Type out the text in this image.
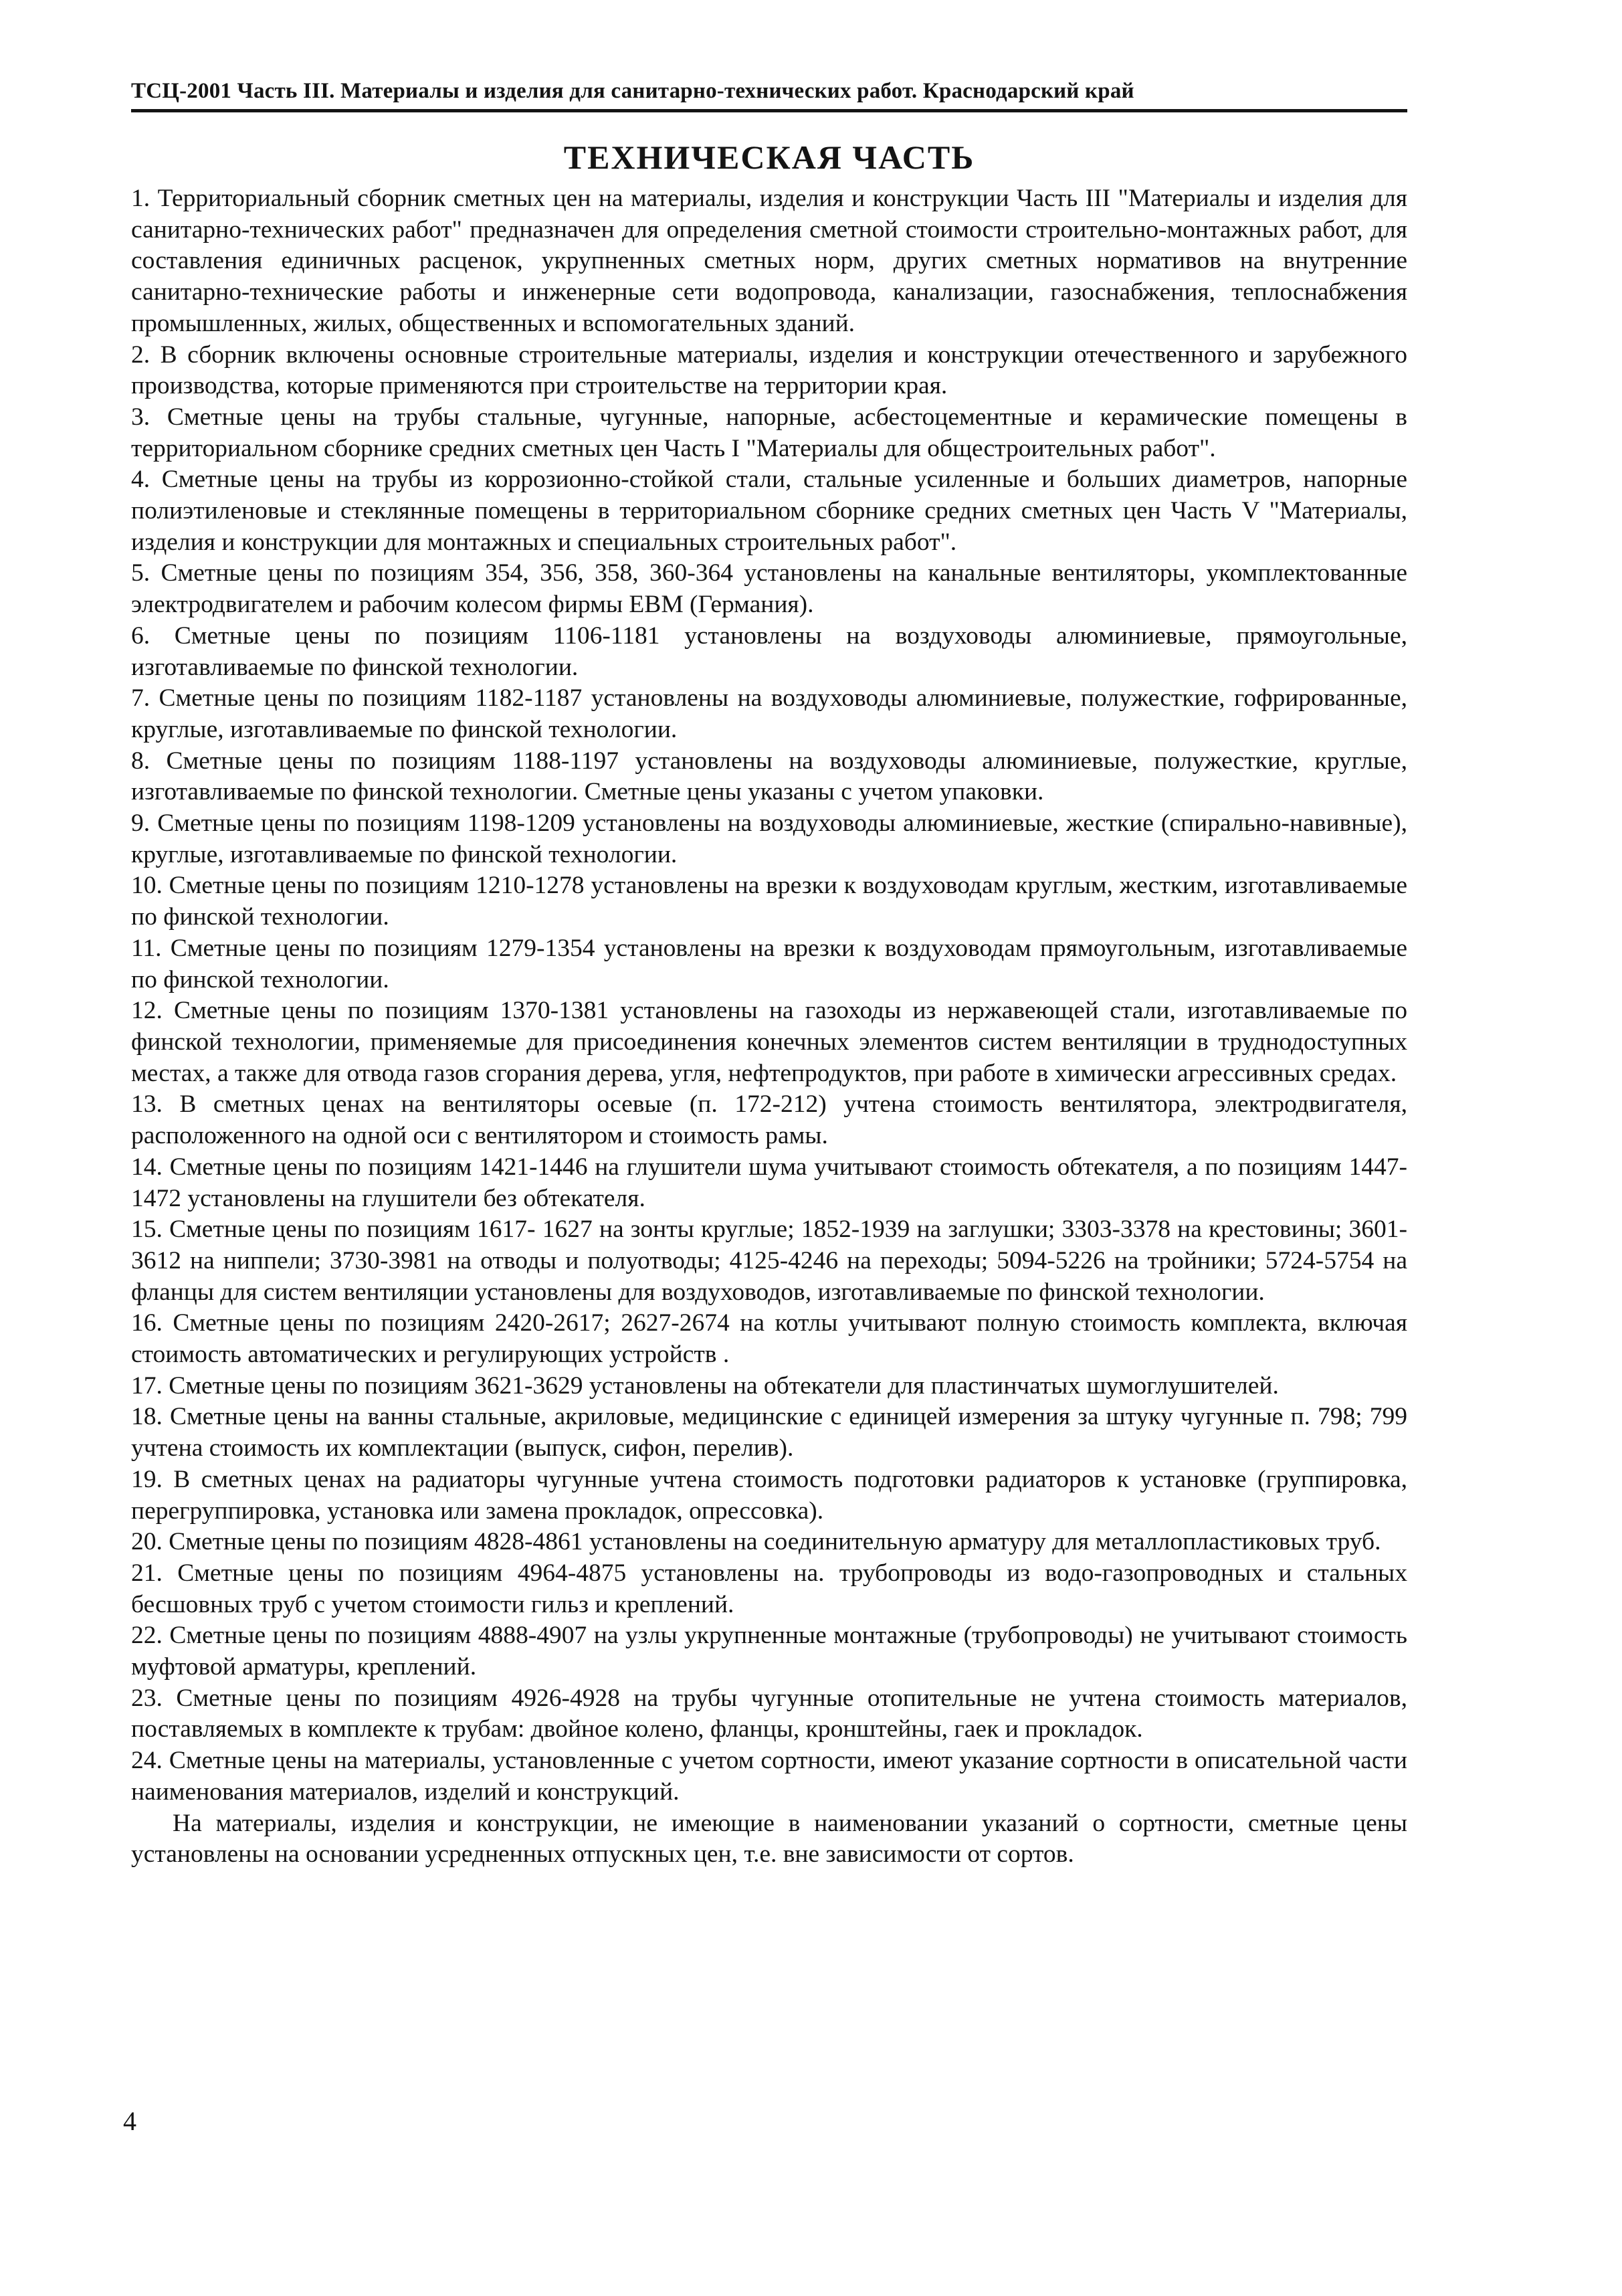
ТСЦ-2001 Часть III. Материалы и изделия для санитарно-технических работ. Краснодарский край
ТЕХНИЧЕСКАЯ ЧАСТЬ

1. Территориальный сборник сметных цен на материалы, изделия и конструкции Часть III "Материалы и изделия для санитарно-технических работ" предназначен для определения сметной стоимости строительно-монтажных работ, для составления единичных расценок, укрупненных сметных норм, других сметных нормативов на внутренние санитарно-технические работы и инженерные сети водопровода, канализации, газоснабжения, теплоснабжения промышленных, жилых, общественных и вспомогательных зданий.

2. В сборник включены основные строительные материалы, изделия и конструкции отечественного и зарубежного производства, которые применяются при строительстве на территории края.

3. Сметные цены на трубы стальные, чугунные, напорные, асбестоцементные и керамические помещены в территориальном сборнике средних сметных цен Часть I "Материалы для общестроительных работ".

4. Сметные цены на трубы из коррозионно-стойкой стали, стальные усиленные и больших диаметров, напорные полиэтиленовые и стеклянные помещены в территориальном сборнике средних сметных цен Часть V "Материалы, изделия и конструкции для монтажных и специальных строительных работ".

5. Сметные цены по позициям 354, 356, 358, 360-364 установлены на канальные вентиляторы, укомплектованные электродвигателем и рабочим колесом фирмы ЕВМ (Германия).

6. Сметные цены по позициям 1106-1181 установлены на воздуховоды алюминиевые, прямоугольные, изготавливаемые по финской технологии.

7. Сметные цены по позициям 1182-1187 установлены на воздуховоды алюминиевые, полужесткие, гофрированные, круглые, изготавливаемые по финской технологии.

8. Сметные цены по позициям 1188-1197 установлены на воздуховоды алюминиевые, полужесткие, круглые, изготавливаемые по финской технологии. Сметные цены указаны с учетом упаковки.

9. Сметные цены по позициям 1198-1209 установлены на воздуховоды алюминиевые, жесткие (спирально-навивные), круглые, изготавливаемые по финской технологии.

10. Сметные цены по позициям 1210-1278 установлены на врезки к воздуховодам круглым, жестким, изготавливаемые по финской технологии.

11. Сметные цены по позициям 1279-1354 установлены на врезки к воздуховодам прямоугольным, изготавливаемые по финской технологии.

12. Сметные цены по позициям 1370-1381 установлены на газоходы из нержавеющей стали, изготавливаемые по финской технологии, применяемые для присоединения конечных элементов систем вентиляции в труднодоступных местах, а также для отвода газов сгорания дерева, угля, нефтепродуктов, при работе в химически агрессивных средах.

13. В сметных ценах на вентиляторы осевые (п. 172-212) учтена стоимость вентилятора, электродвигателя, расположенного на одной оси с вентилятором и стоимость рамы.

14. Сметные цены по позициям 1421-1446 на глушители шума учитывают стоимость обтекателя, а по позициям 1447-1472 установлены на глушители без обтекателя.

15. Сметные цены по позициям 1617- 1627 на зонты круглые; 1852-1939 на заглушки; 3303-3378 на крестовины; 3601-3612 на ниппели; 3730-3981 на отводы и полуотводы; 4125-4246 на переходы; 5094-5226 на тройники; 5724-5754 на фланцы для систем вентиляции установлены для воздуховодов, изготавливаемые по финской технологии.

16. Сметные цены по позициям 2420-2617; 2627-2674 на котлы учитывают полную стоимость комплекта, включая стоимость автоматических и регулирующих устройств .

17. Сметные цены по позициям 3621-3629 установлены на обтекатели для пластинчатых шумоглушителей.

18. Сметные цены на ванны стальные, акриловые, медицинские с единицей измерения за штуку чугунные п. 798; 799 учтена стоимость их комплектации (выпуск, сифон, перелив).

19. В сметных ценах на радиаторы чугунные учтена стоимость подготовки радиаторов к установке (группировка, перегруппировка, установка или замена прокладок, опрессовка).

20. Сметные цены по позициям 4828-4861 установлены на соединительную арматуру для металлопластиковых труб.

21. Сметные цены по позициям 4964-4875 установлены на. трубопроводы из водо-газопроводных и стальных бесшовных труб с учетом стоимости гильз и креплений.

22. Сметные цены по позициям 4888-4907 на узлы укрупненные монтажные (трубопроводы) не учитывают стоимость муфтовой арматуры, креплений.

23. Сметные цены по позициям 4926-4928 на трубы чугунные отопительные не учтена стоимость материалов, поставляемых в комплекте к трубам: двойное колено, фланцы, кронштейны, гаек и прокладок.

24. Сметные цены на материалы, установленные с учетом сортности, имеют указание сортности в описательной части наименования материалов, изделий и конструкций.

На материалы, изделия и конструкции, не имеющие в наименовании указаний о сортности, сметные цены установлены на основании усредненных отпускных цен, т.е. вне зависимости от сортов.

4
